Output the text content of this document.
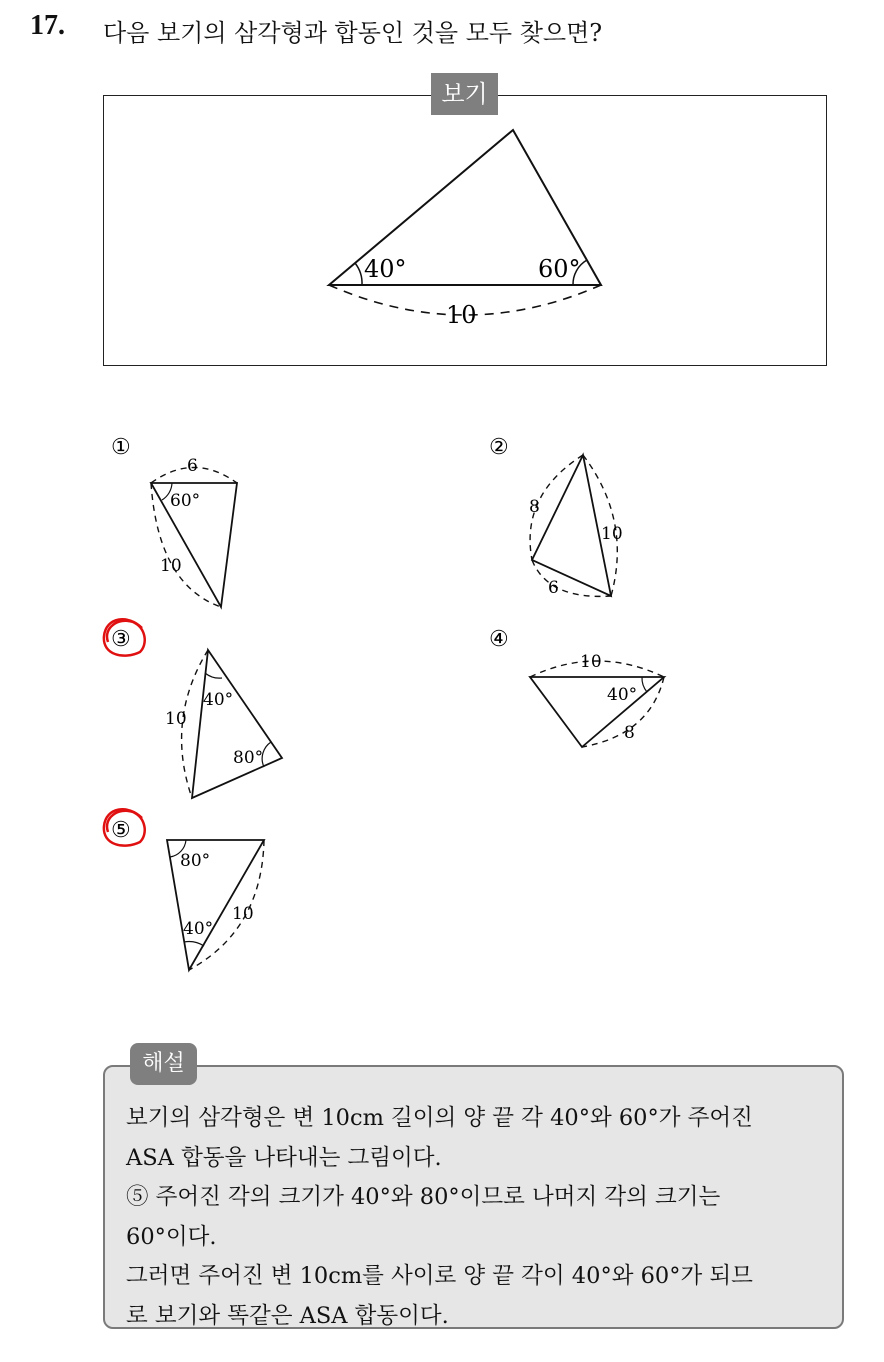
17. 다음 보기의 삼각형과 합동인 것을 모두 찾으면?
보기
40°	60°
10
①	②
③	④
⑤
6
60°
10
8
10
6
10
40°
80°
10
40°
8
80°
10
40°
해설

보기의 삼각형은 변 10cm 길이의 양 끝 각 40°와 60°가 주어진

ASA 합동을 나타내는 그림이다.

⑤ 주어진 각의 크기가 40°와 80°이므로 나머지 각의 크기는

60°이다.

그러면 주어진 변 10cm를 사이로 양 끝 각이 40°와 60°가 되므

로 보기와 똑같은 ASA 합동이다.
